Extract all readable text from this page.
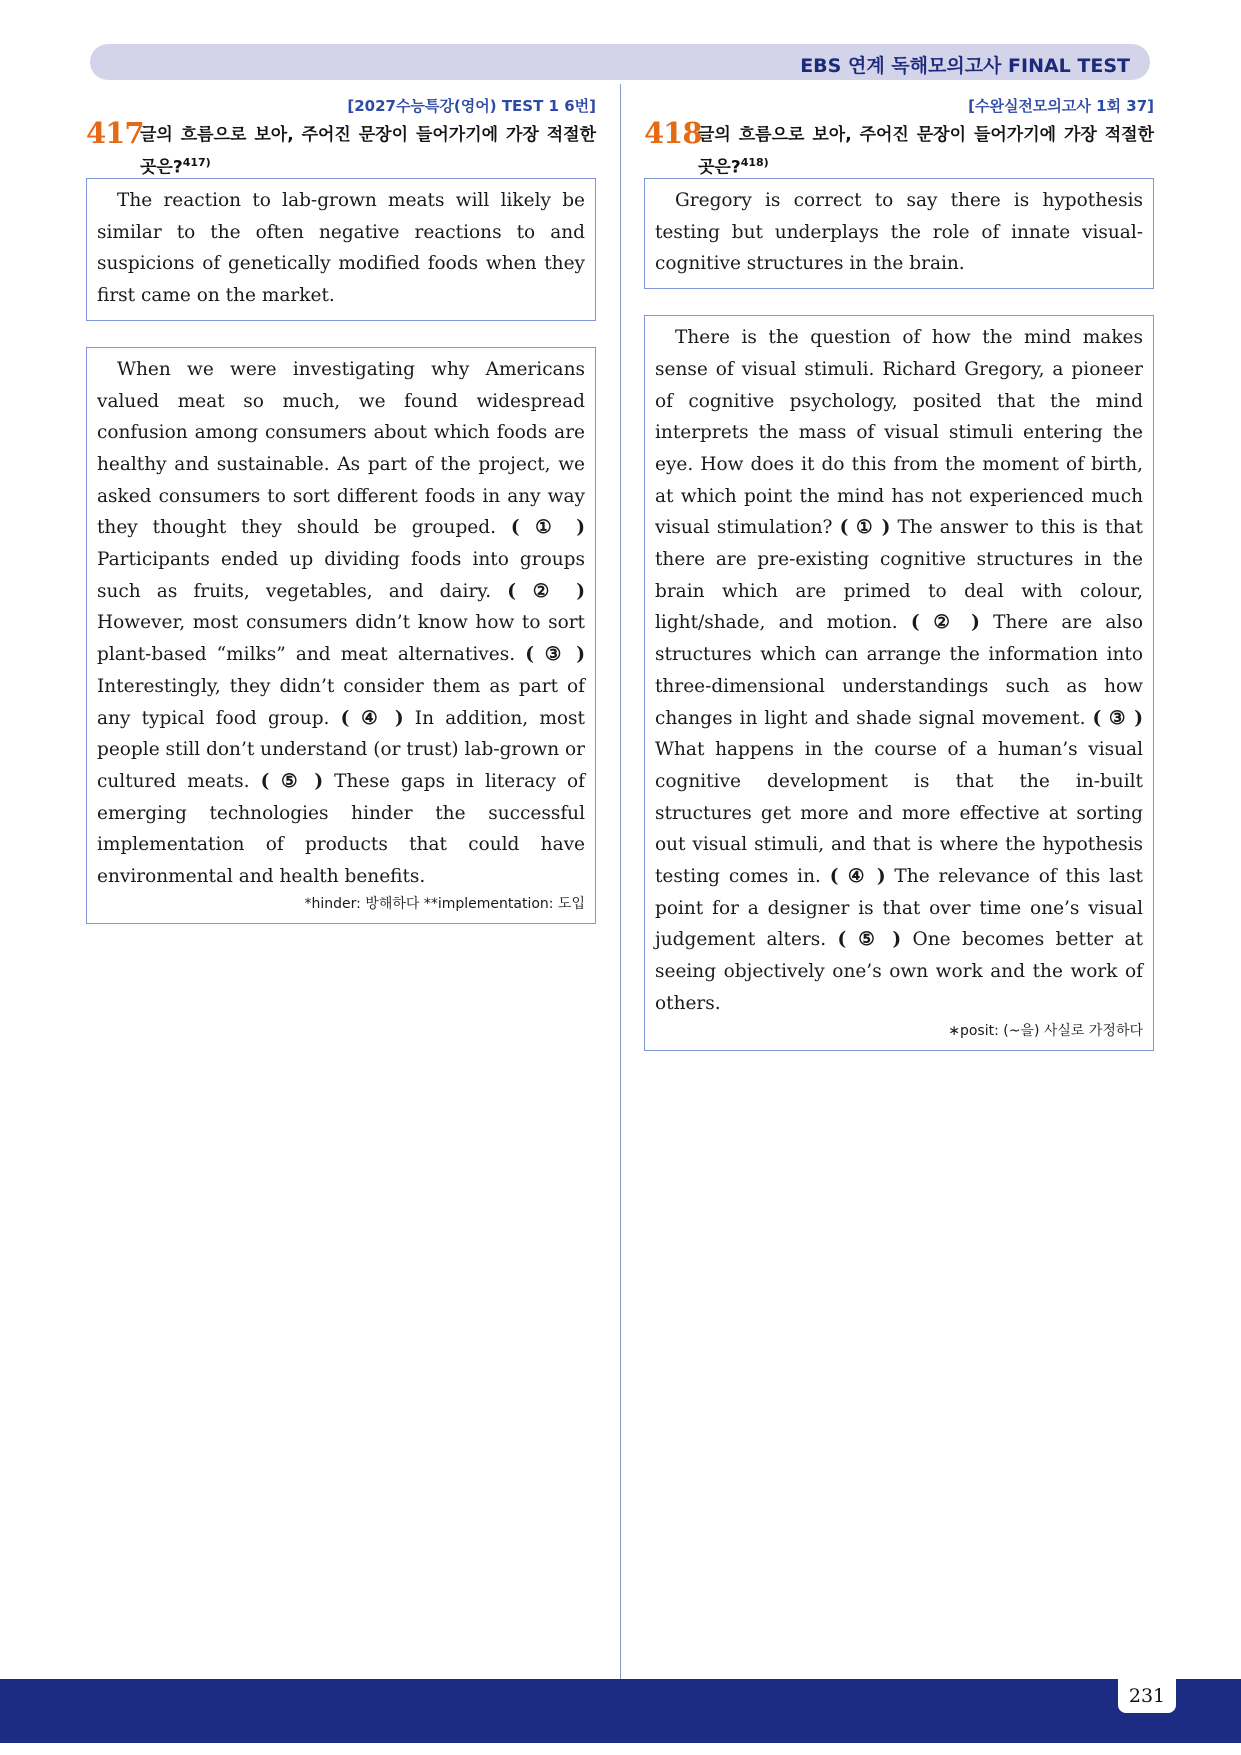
EBS 연계 독해모의고사 FINAL TEST
[2027수능특강(영어) TEST 1 6번]
417
글의 흐름으로 보아, 주어진 문장이 들어가기에 가장 적절한 곳은?$^{417)}$

The reaction to lab-grown meats will likely be similar to the often negative reactions to and suspicions of genetically modified foods when they first came on the market.

When we were investigating why Americans valued meat so much, we found widespread confusion among consumers about which foods are healthy and sustainable. As part of the project, we asked consumers to sort different foods in any way they thought they should be grouped. ( ① ) Participants ended up dividing foods into groups such as fruits, vegetables, and dairy. ( ② ) However, most consumers didn’t know how to sort plant-based “milks” and meat alternatives. ( ③ ) Interestingly, they didn’t consider them as part of any typical food group. ( ④ ) In addition, most people still don’t understand (or trust) lab-grown or cultured meats. ( ⑤ ) These gaps in literacy of emerging technologies hinder the successful implementation of products that could have environmental and health benefits.

*hinder: 방해하다 **implementation: 도입
[수완실전모의고사 1회 37]
418
글의 흐름으로 보아, 주어진 문장이 들어가기에 가장 적절한 곳은?$^{418)}$

Gregory is correct to say there is hypothesis testing but underplays the role of innate visual-cognitive structures in the brain.

There is the question of how the mind makes sense of visual stimuli. Richard Gregory, a pioneer of cognitive psychology, posited that the mind interprets the mass of visual stimuli entering the eye. How does it do this from the moment of birth, at which point the mind has not experienced much visual stimulation? ( ① ) The answer to this is that there are pre-existing cognitive structures in the brain which are primed to deal with colour, light/shade, and motion. ( ② ) There are also structures which can arrange the information into three-dimensional understandings such as how changes in light and shade signal movement. ( ③ ) What happens in the course of a human’s visual cognitive development is that the in-built structures get more and more effective at sorting out visual stimuli, and that is where the hypothesis testing comes in. ( ④ ) The relevance of this last point for a designer is that over time one’s visual judgement alters. ( ⑤ ) One becomes better at seeing objectively one’s own work and the work of others.

∗posit: (~을) 사실로 가정하다
231
